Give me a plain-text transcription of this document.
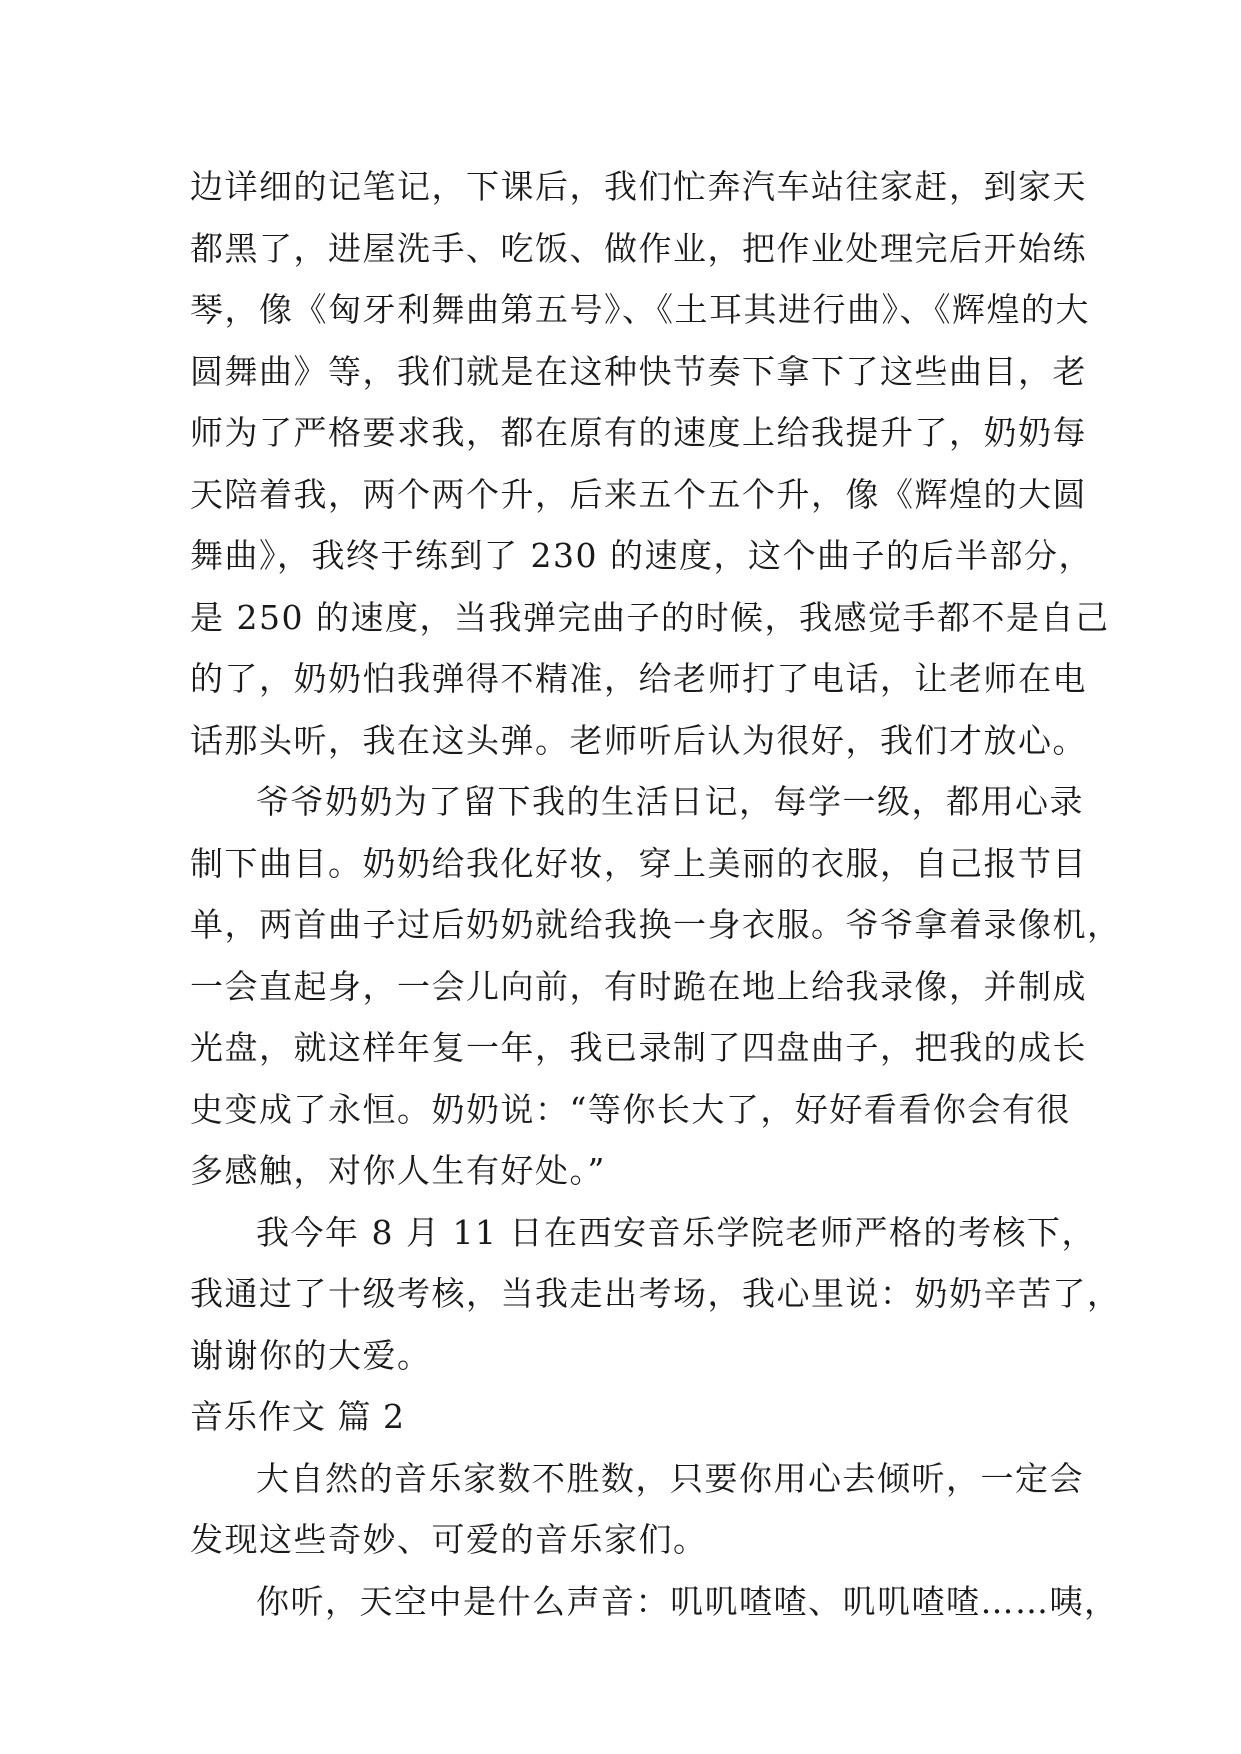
边详细的记笔记，下课后，我们忙奔汽车站往家赶，到家天
都黑了，进屋洗手、吃饭、做作业，把作业处理完后开始练
琴，像《匈牙利舞曲第五号》、《土耳其进行曲》、《辉煌的大
圆舞曲》等，我们就是在这种快节奏下拿下了这些曲目，老
师为了严格要求我，都在原有的速度上给我提升了，奶奶每
天陪着我，两个两个升，后来五个五个升，像《辉煌的大圆
舞曲》，我终于练到了 230 的速度，这个曲子的后半部分，
是 250 的速度，当我弹完曲子的时候，我感觉手都不是自己
的了，奶奶怕我弹得不精准，给老师打了电话，让老师在电
话那头听，我在这头弹。老师听后认为很好，我们才放心。
爷爷奶奶为了留下我的生活日记，每学一级，都用心录
制下曲目。奶奶给我化好妆，穿上美丽的衣服，自己报节目
单，两首曲子过后奶奶就给我换一身衣服。爷爷拿着录像机，
一会直起身，一会儿向前，有时跪在地上给我录像，并制成
光盘，就这样年复一年，我已录制了四盘曲子，把我的成长
史变成了永恒。奶奶说：“等你长大了，好好看看你会有很
多感触，对你人生有好处。”
我今年 8 月 11 日在西安音乐学院老师严格的考核下，
我通过了十级考核，当我走出考场，我心里说：奶奶辛苦了，
谢谢你的大爱。
音乐作文 篇 2
大自然的音乐家数不胜数，只要你用心去倾听，一定会
发现这些奇妙、可爱的音乐家们。
你听，天空中是什么声音：叽叽喳喳、叽叽喳喳……咦，
